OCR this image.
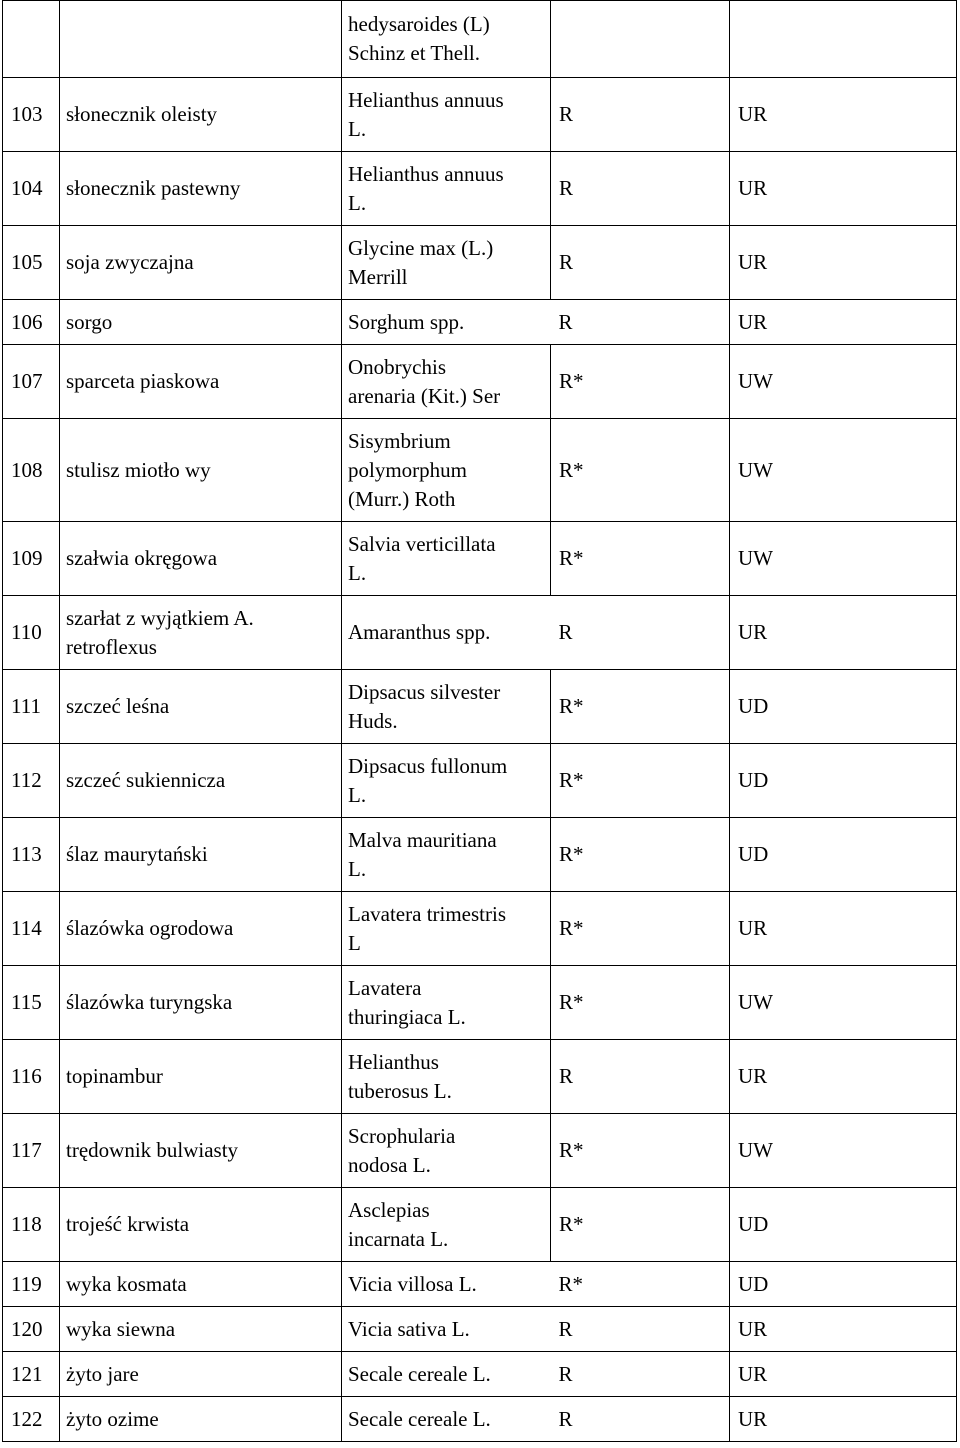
		hedysaroides (L)
Schinz et Thell.		
103	słonecznik oleisty	Helianthus annuus
L.	R	UR
104	słonecznik pastewny	Helianthus annuus
L.	R	UR
105	soja zwyczajna	Glycine max (L.)
Merrill	R	UR
106	sorgo	Sorghum spp.	R	UR
107	sparceta piaskowa	Onobrychis
arenaria (Kit.) Ser	R*	UW
108	stulisz miotło wy	Sisymbrium
polymorphum
(Murr.) Roth	R*	UW
109	szałwia okręgowa	Salvia verticillata
L.	R*	UW
110	szarłat z wyjątkiem A.
retroflexus	Amaranthus spp.	R	UR
111	szczeć leśna	Dipsacus silvester
Huds.	R*	UD
112	szczeć sukiennicza	Dipsacus fullonum
L.	R*	UD
113	ślaz maurytański	Malva mauritiana
L.	R*	UD
114	ślazówka ogrodowa	Lavatera trimestris
L	R*	UR
115	ślazówka turyngska	Lavatera
thuringiaca L.	R*	UW
116	topinambur	Helianthus
tuberosus L.	R	UR
117	trędownik bulwiasty	Scrophularia
nodosa L.	R*	UW
118	trojeść krwista	Asclepias
incarnata L.	R*	UD
119	wyka kosmata	Vicia villosa L.	R*	UD
120	wyka siewna	Vicia sativa L.	R	UR
121	żyto jare	Secale cereale L.	R	UR
122	żyto ozime	Secale cereale L.	R	UR
